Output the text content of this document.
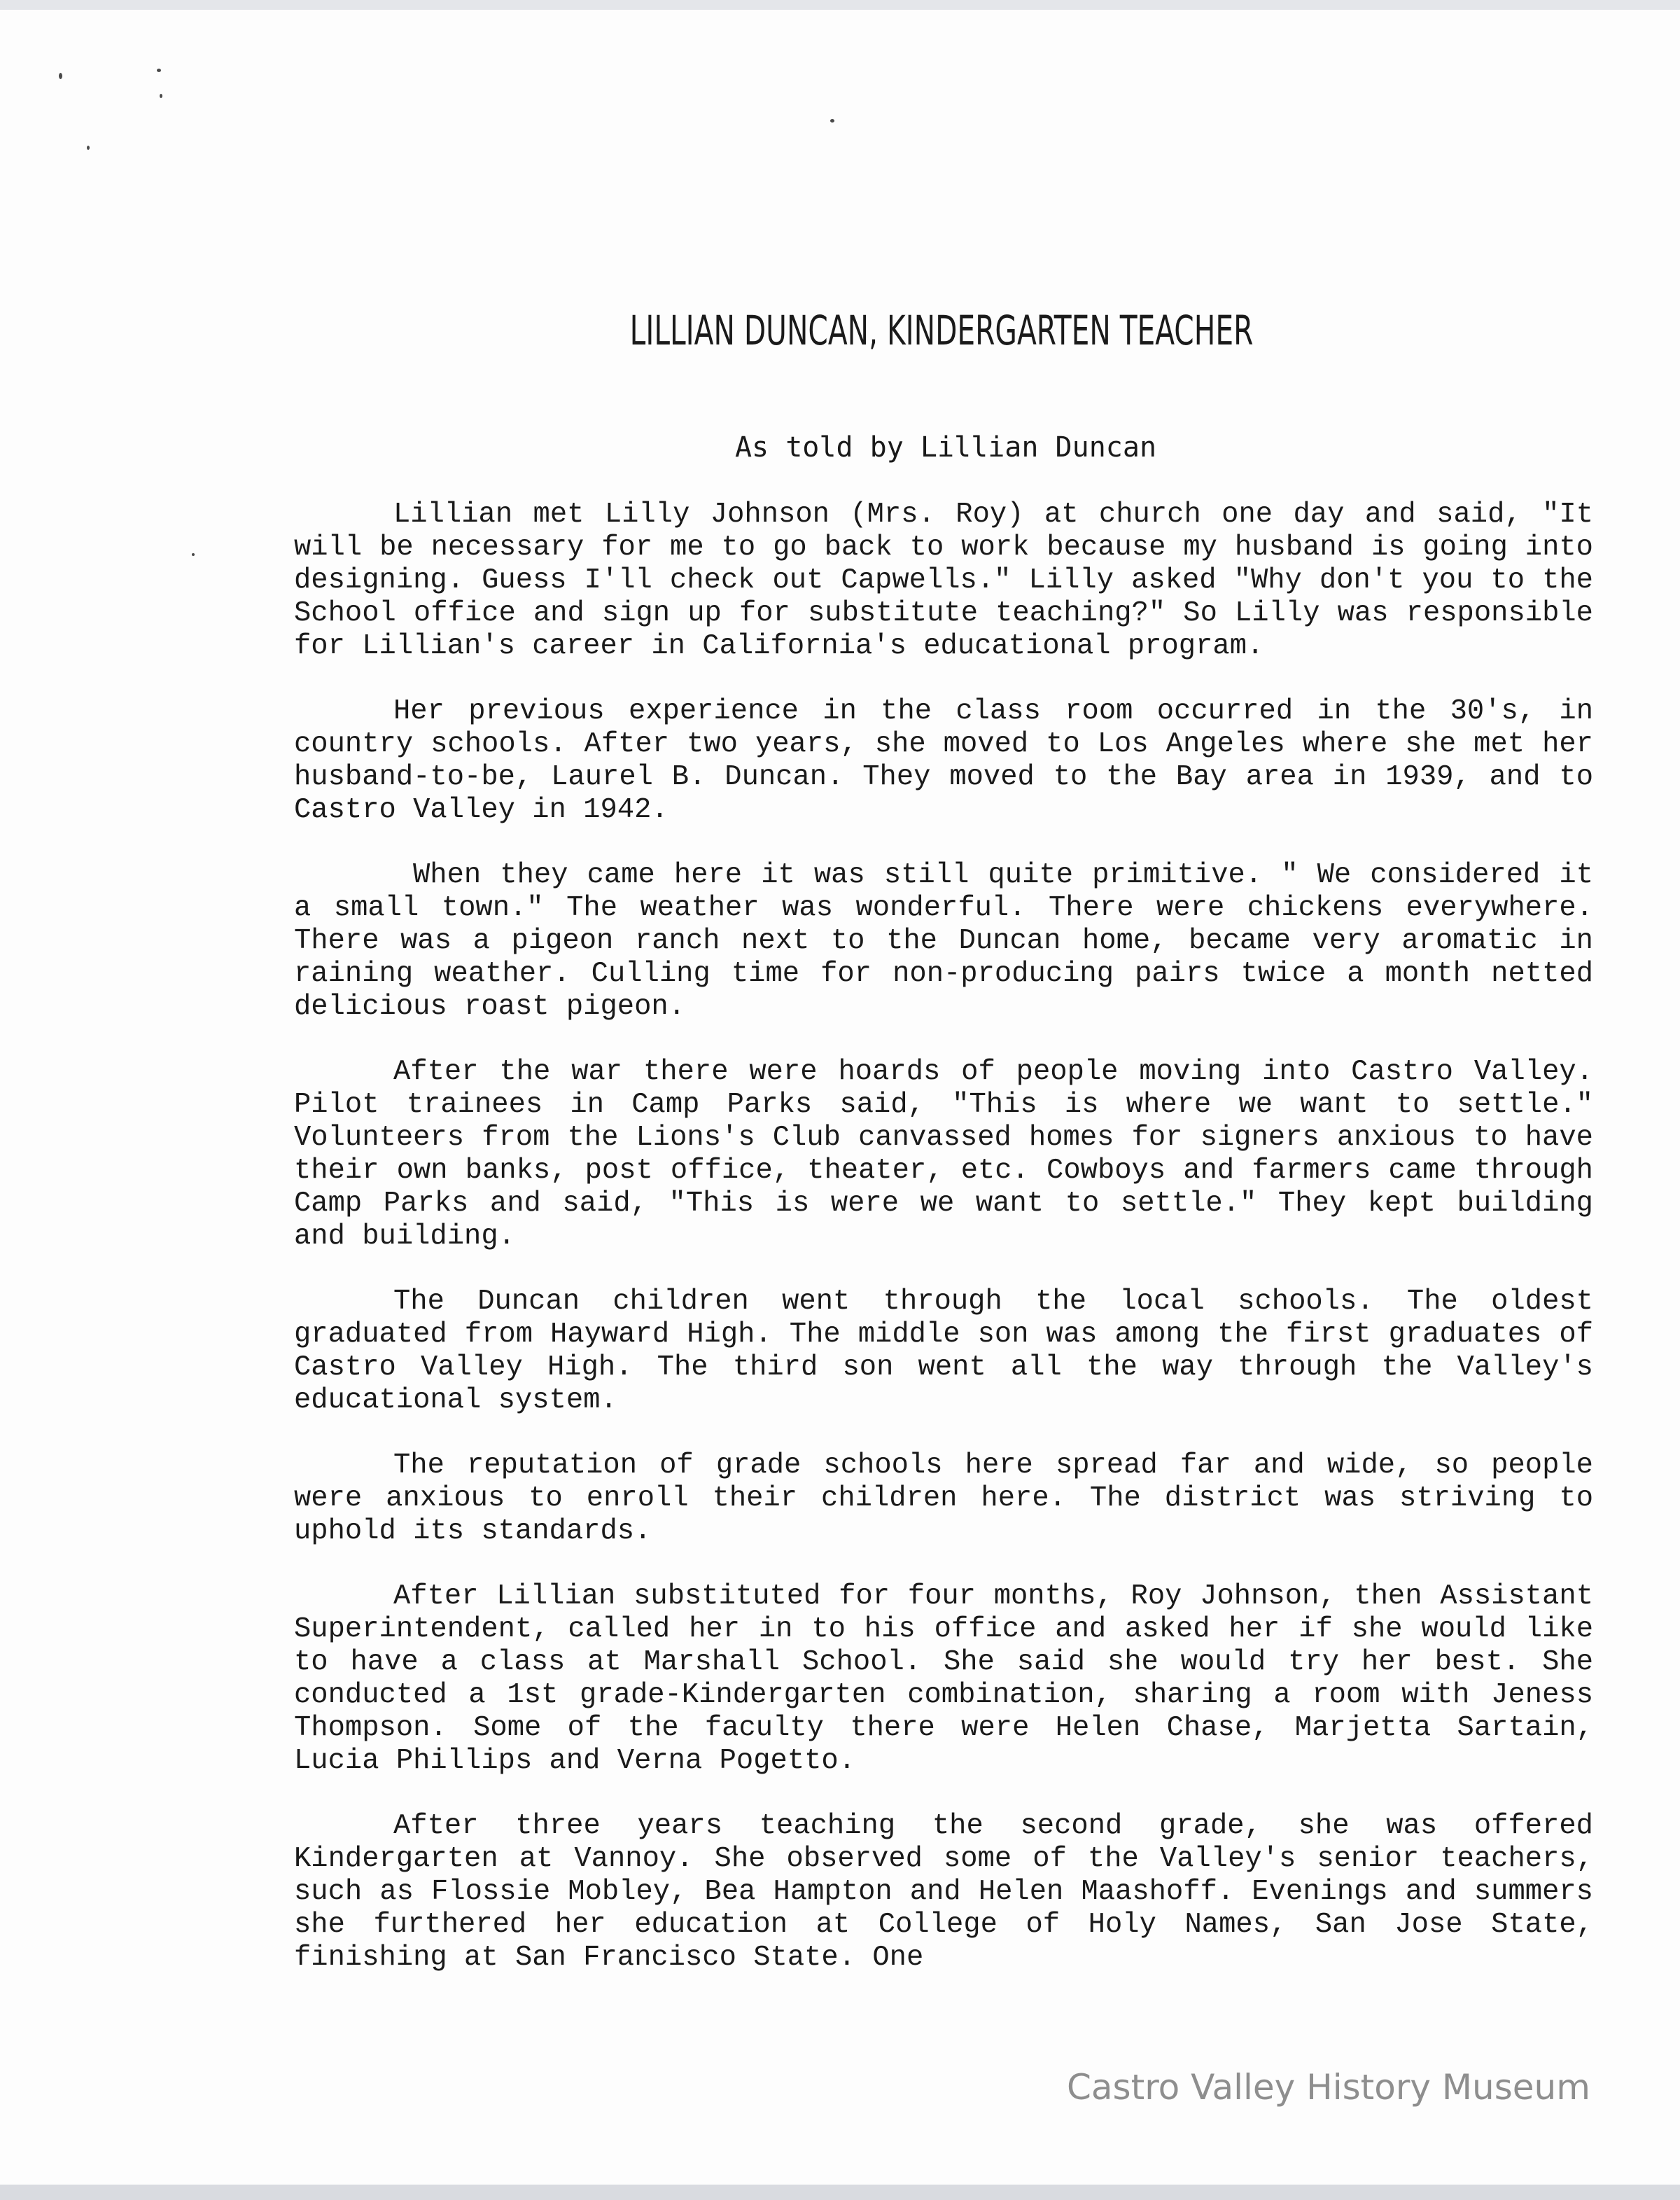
LILLIAN DUNCAN, KINDERGARTEN TEACHER
As told by Lillian Duncan

Lillian met Lilly Johnson (Mrs. Roy) at church one day and said, "It will be necessary for me to go back to work because my husband is going into designing. Guess I'll check out Capwells." Lilly asked "Why don't you to the School office and sign up for substitute teaching?" So Lilly was responsible for Lillian's career in California's educational program.

Her previous experience in the class room occurred in the 30's, in country schools. After two years, she moved to Los Angeles where she met her husband-to-be, Laurel B. Duncan. They moved to the Bay area in 1939, and to Castro Valley in 1942.

When they came here it was still quite primitive. " We considered it a small town." The weather was wonderful. There were chickens everywhere. There was a pigeon ranch next to the Duncan home, became very aromatic in raining weather. Culling time for non-producing pairs twice a month netted delicious roast pigeon.

After the war there were hoards of people moving into Castro Valley. Pilot trainees in Camp Parks said, "This is where we want to settle." Volunteers from the Lions's Club canvassed homes for signers anxious to have their own banks, post office, theater, etc. Cowboys and farmers came through Camp Parks and said, "This is were we want to settle." They kept building and building.

The Duncan children went through the local schools. The oldest graduated from Hayward High. The middle son was among the first graduates of Castro Valley High. The third son went all the way through the Valley's educational system.

The reputation of grade schools here spread far and wide, so people were anxious to enroll their children here. The district was striving to uphold its standards.

After Lillian substituted for four months, Roy Johnson, then Assistant Superintendent, called her in to his office and asked her if she would like to have a class at Marshall School. She said she would try her best. She conducted a 1st grade-Kindergarten combination, sharing a room with Jeness Thompson. Some of the faculty there were Helen Chase, Marjetta Sartain, Lucia Phillips and Verna Pogetto.

After three years teaching the second grade, she was offered Kindergarten at Vannoy. She observed some of the Valley's senior teachers, such as Flossie Mobley, Bea Hampton and Helen Maashoff. Evenings and summers she furthered her education at College of Holy Names, San Jose State, finishing at San Francisco State. One

Castro Valley History Museum
